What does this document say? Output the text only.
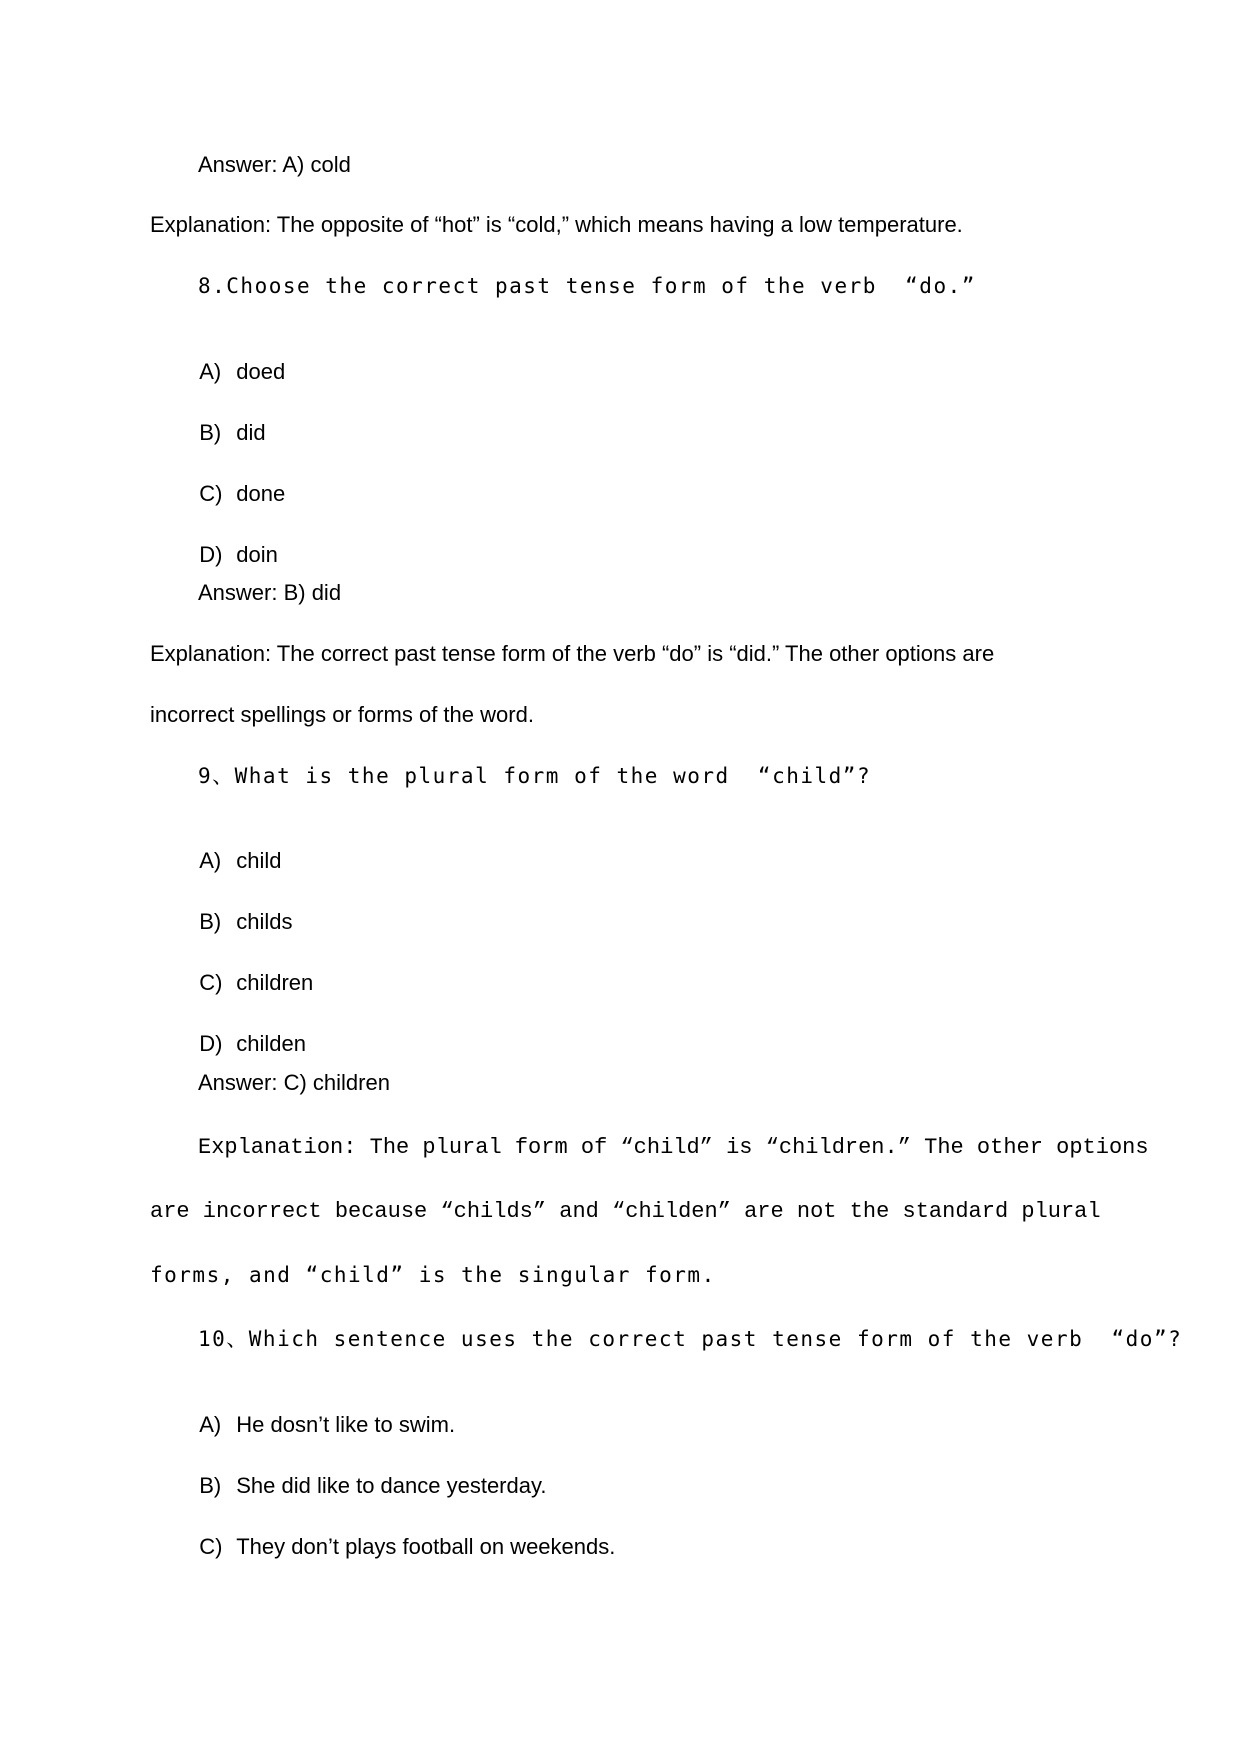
Answer: A) cold
Explanation: The opposite of “hot” is “cold,” which means having a low temperature.
8.Choose the correct past tense form of the verb  “do.”

A) doed

B) did

C) done

D) doin

Answer: B) did
Explanation: The correct past tense form of the verb “do” is “did.” The other options are
incorrect spellings or forms of the word.
9、What is the plural form of the word  “child”?

A) child

B) childs

C) children

D) childen

Answer: C) children
Explanation: The plural form of “child” is “children.” The other options
are incorrect because “childs” and “childen” are not the standard plural
forms, and “child” is the singular form.
10、Which sentence uses the correct past tense form of the verb  “do”?

A) He dosn’t like to swim.

B) She did like to dance yesterday.

C) They don’t plays football on weekends.
